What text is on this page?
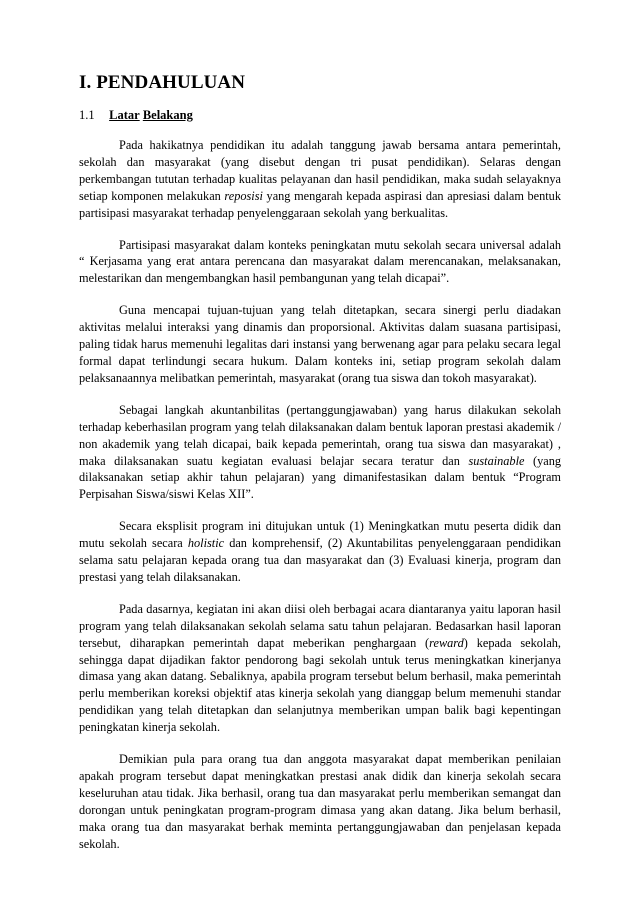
I. PENDAHULUAN
1.1 Latar Belakang

Pada hakikatnya pendidikan itu adalah tanggung jawab bersama antara pemerintah, sekolah dan masyarakat (yang disebut dengan tri pusat pendidikan). Selaras dengan perkembangan tututan terhadap kualitas pelayanan dan hasil pendidikan, maka sudah selayaknya setiap komponen melakukan reposisi yang mengarah kepada aspirasi dan apresiasi dalam bentuk partisipasi masyarakat terhadap penyelenggaraan sekolah yang berkualitas.

Partisipasi masyarakat dalam konteks peningkatan mutu sekolah secara universal adalah “ Kerjasama yang erat antara perencana dan masyarakat dalam merencanakan, melaksanakan, melestarikan dan mengembangkan hasil pembangunan yang telah dicapai”.

Guna mencapai tujuan-tujuan yang telah ditetapkan, secara sinergi perlu diadakan aktivitas melalui interaksi yang dinamis dan proporsional. Aktivitas dalam suasana partisipasi, paling tidak harus memenuhi legalitas dari instansi yang berwenang agar para pelaku secara legal formal dapat terlindungi secara hukum. Dalam konteks ini, setiap program sekolah dalam pelaksanaannya melibatkan pemerintah, masyarakat (orang tua siswa dan tokoh masyarakat).

Sebagai langkah akuntanbilitas (pertanggungjawaban) yang harus dilakukan sekolah terhadap keberhasilan program yang telah dilaksanakan dalam bentuk laporan prestasi akademik / non akademik yang telah dicapai, baik kepada pemerintah, orang tua siswa dan masyarakat) , maka dilaksanakan suatu kegiatan evaluasi belajar secara teratur dan sustainable (yang dilaksanakan setiap akhir tahun pelajaran) yang dimanifestasikan dalam bentuk “Program Perpisahan Siswa/siswi Kelas XII”.

Secara eksplisit program ini ditujukan untuk (1) Meningkatkan mutu peserta didik dan mutu sekolah secara holistic dan komprehensif, (2) Akuntabilitas penyelenggaraan pendidikan selama satu pelajaran kepada orang tua dan masyarakat dan (3) Evaluasi kinerja, program dan prestasi yang telah dilaksanakan.

Pada dasarnya, kegiatan ini akan diisi oleh berbagai acara diantaranya yaitu laporan hasil program yang telah dilaksanakan sekolah selama satu tahun pelajaran. Bedasarkan hasil laporan tersebut, diharapkan pemerintah dapat meberikan penghargaan (reward) kepada sekolah, sehingga dapat dijadikan faktor pendorong bagi sekolah untuk terus meningkatkan kinerjanya dimasa yang akan datang. Sebaliknya, apabila program tersebut belum berhasil, maka pemerintah perlu memberikan koreksi objektif atas kinerja sekolah yang dianggap belum memenuhi standar pendidikan yang telah ditetapkan dan selanjutnya memberikan umpan balik bagi kepentingan peningkatan kinerja sekolah.

Demikian pula para orang tua dan anggota masyarakat dapat memberikan penilaian apakah program tersebut dapat meningkatkan prestasi anak didik dan kinerja sekolah secara keseluruhan atau tidak. Jika berhasil, orang tua dan masyarakat perlu memberikan semangat dan dorongan untuk peningkatan program-program dimasa yang akan datang. Jika belum berhasil, maka orang tua dan masyarakat berhak meminta pertanggungjawaban dan penjelasan kepada sekolah.
